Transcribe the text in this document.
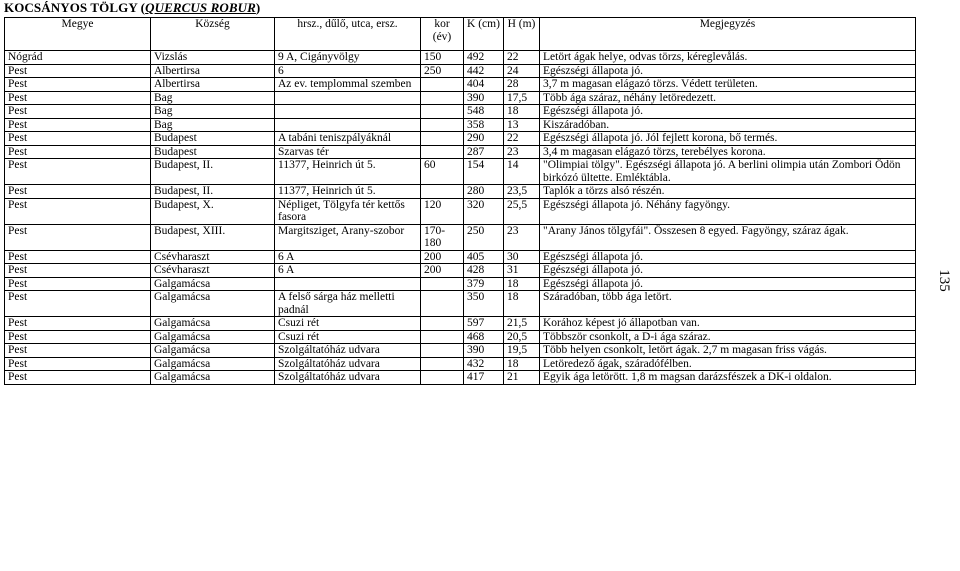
KOCSÁNYOS TÖLGY (QUERCUS ROBUR)
Megye	Község	hrsz., dűlő, utca, ersz.	kor (év)	K (cm)	H (m)	Megjegyzés
Nógrád	Vizslás	9 A, Cigányvölgy	150	492	22	Letört ágak helye, odvas törzs, kéreglevålás.
Pest	Albertirsa	6	250	442	24	Egészségi állapota jó.
Pest	Albertirsa	Az ev. templommal szemben		404	28	3,7 m magasan elágazó törzs. Védett területen.
Pest	Bag			390	17,5	Több ága száraz, néhány letöredezett.
Pest	Bag			548	18	Egészségi állapota jó.
Pest	Bag			358	13	Kiszáradóban.
Pest	Budapest	A tabáni teniszpályáknál		290	22	Egészségi állapota jó. Jól fejlett korona, bő termés.
Pest	Budapest	Szarvas tér		287	23	3,4 m magasan elágazó törzs, terebélyes korona.
Pest	Budapest, II.	11377, Heinrich út 5.	60	154	14	"Olimpiai tölgy". Egészségi állapota jó. A berlini olimpia után Zombori Ödön birkózó ültette. Emléktábla.
Pest	Budapest, II.	11377, Heinrich út 5.		280	23,5	Taplók a törzs alsó részén.
Pest	Budapest, X.	Népliget, Tölgyfa tér kettős fasora	120	320	25,5	Egészségi állapota jó. Néhány fagyöngy.
Pest	Budapest, XIII.	Margitsziget, Arany-szobor	170-180	250	23	"Arany János tölgyfái". Összesen 8 egyed. Fagyöngy, száraz ágak.
Pest	Csévharaszt	6 A	200	405	30	Egészségi állapota jó.
Pest	Csévharaszt	6 A	200	428	31	Egészségi állapota jó.
Pest	Galgamácsa			379	18	Egészségi állapota jó.
Pest	Galgamácsa	A felső sárga ház melletti padnál		350	18	Száradóban, több ága letört.
Pest	Galgamácsa	Csuzi rét		597	21,5	Korához képest jó állapotban van.
Pest	Galgamácsa	Csuzi rét		468	20,5	Többször csonkolt, a D-i ága száraz.
Pest	Galgamácsa	Szolgáltatóház udvara		390	19,5	Több helyen csonkolt, letört ágak. 2,7 m magasan friss vágás.
Pest	Galgamácsa	Szolgáltatóház udvara		432	18	Letöredező ágak, száradófélben.
Pest	Galgamácsa	Szolgáltatóház udvara		417	21	Egyik ága letörött. 1,8 m magsan darázsfészek a DK-i oldalon.
135
